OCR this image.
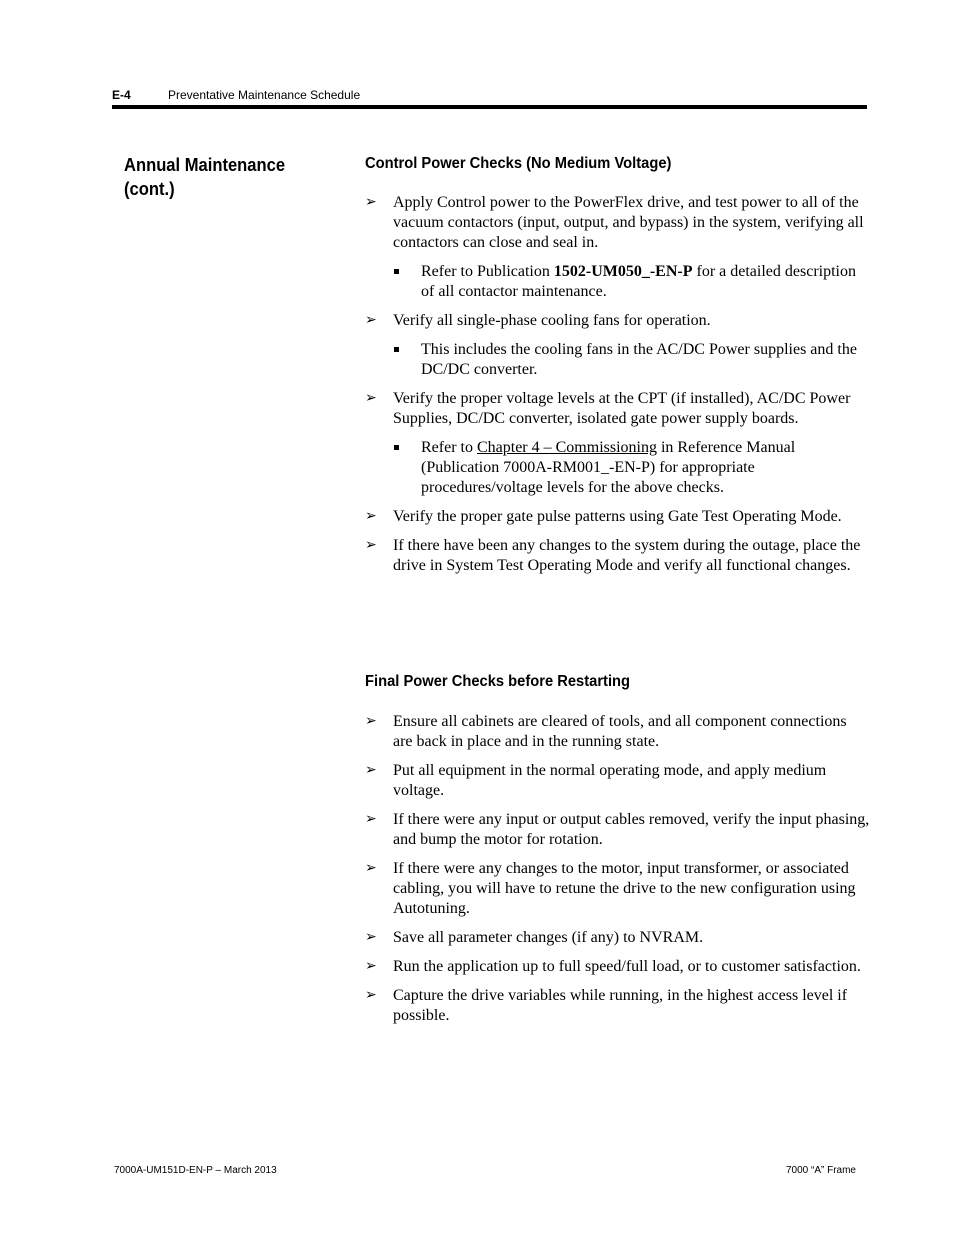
E-4	Preventative Maintenance Schedule
Annual Maintenance (cont.)
Control Power Checks (No Medium Voltage)
➢ Apply Control power to the PowerFlex drive, and test power to all of the vacuum contactors (input, output, and bypass) in the system, verifying all contactors can close and seal in.
Refer to Publication 1502-UM050_-EN-P for a detailed description of all contactor maintenance.
➢ Verify all single-phase cooling fans for operation.
This includes the cooling fans in the AC/DC Power supplies and the DC/DC converter.
➢ Verify the proper voltage levels at the CPT (if installed), AC/DC Power Supplies, DC/DC converter, isolated gate power supply boards.
Refer to Chapter 4 – Commissioning in Reference Manual (Publication 7000A-RM001_-EN-P) for appropriate procedures/voltage levels for the above checks.
➢ Verify the proper gate pulse patterns using Gate Test Operating Mode.
➢ If there have been any changes to the system during the outage, place the drive in System Test Operating Mode and verify all functional changes.
Final Power Checks before Restarting
➢ Ensure all cabinets are cleared of tools, and all component connections are back in place and in the running state.
➢ Put all equipment in the normal operating mode, and apply medium voltage.
➢ If there were any input or output cables removed, verify the input phasing, and bump the motor for rotation.
➢ If there were any changes to the motor, input transformer, or associated cabling, you will have to retune the drive to the new configuration using Autotuning.
➢ Save all parameter changes (if any) to NVRAM.
➢ Run the application up to full speed/full load, or to customer satisfaction.
➢ Capture the drive variables while running, in the highest access level if possible.
7000A-UM151D-EN-P – March 2013	7000 “A” Frame
